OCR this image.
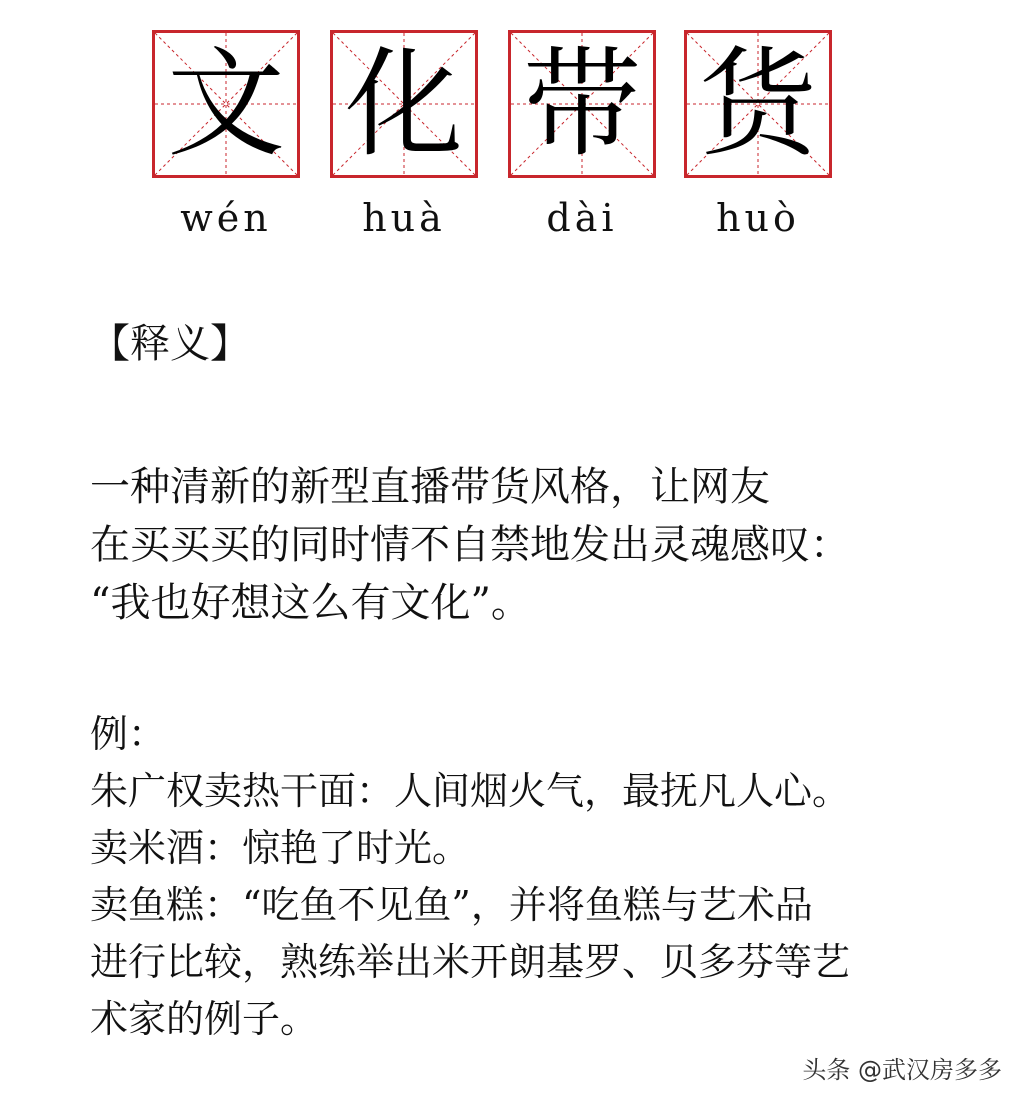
文
wén
化
huà
带
dài
货
huò
【释义】
一种清新的新型直播带货风格，让网友
在买买买的同时情不自禁地发出灵魂感叹：
“我也好想这么有文化”。
例：
朱广权卖热干面：人间烟火气，最抚凡人心。
卖米酒：惊艳了时光。
卖鱼糕：“吃鱼不见鱼”，并将鱼糕与艺术品
进行比较，熟练举出米开朗基罗、贝多芬等艺
术家的例子。
头条 @武汉房多多
